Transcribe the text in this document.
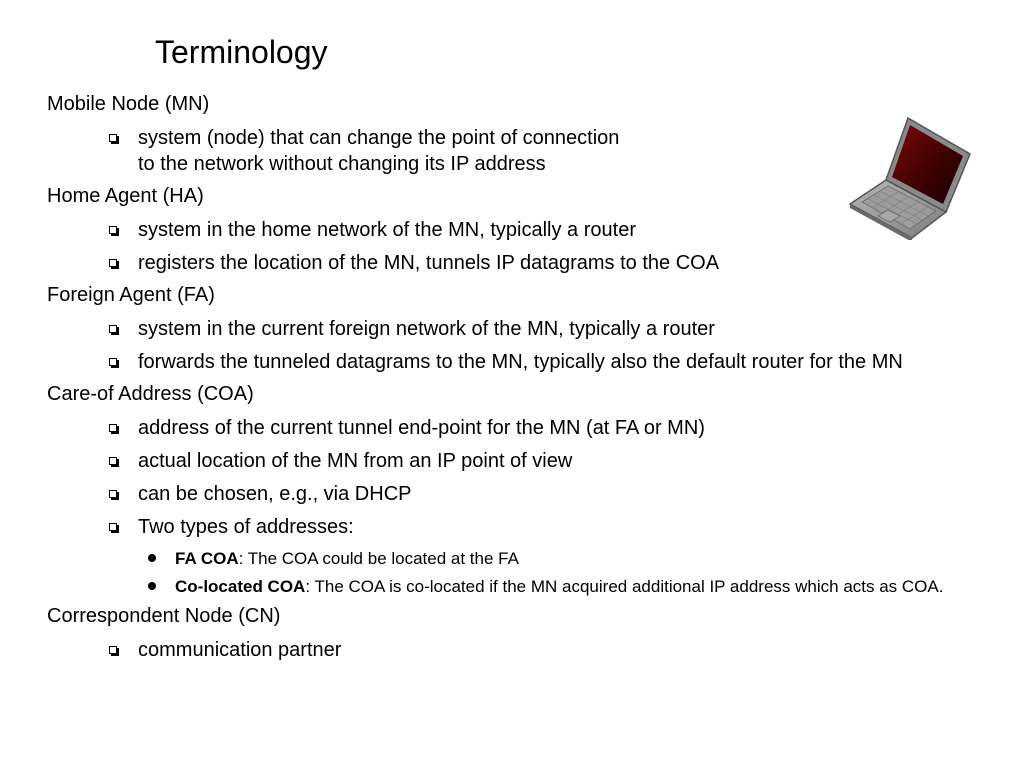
Terminology
Mobile Node (MN)
system (node) that can change the point of connection
to the network without changing its IP address
Home Agent (HA)
system in the home network of the MN, typically a router
registers the location of the MN, tunnels IP datagrams to the COA
Foreign Agent (FA)
system in the current foreign network of the MN, typically a router
forwards the tunneled datagrams to the MN, typically also the default router for the MN
Care-of Address (COA)
address of the current tunnel end-point for the MN (at FA or MN)
actual location of the MN from an IP point of view
can be chosen, e.g., via DHCP
Two types of addresses:
FA COA: The COA could be located at the FA
Co-located COA: The COA is co-located if the MN acquired additional IP address which acts as COA.
Correspondent Node (CN)
communication partner
